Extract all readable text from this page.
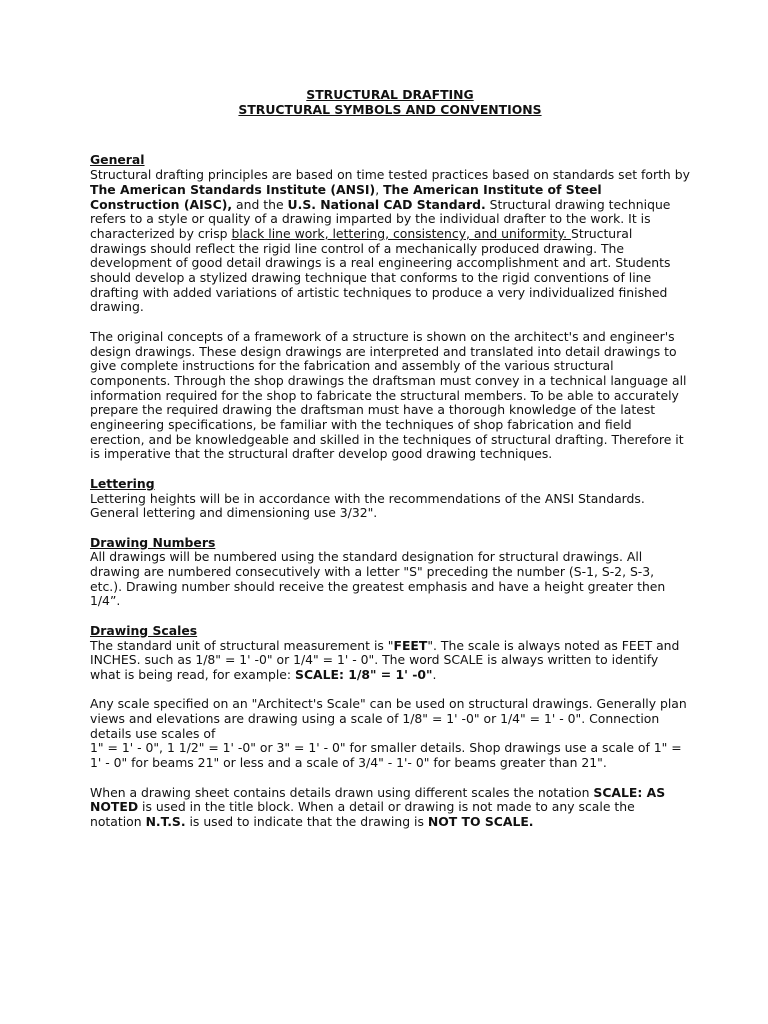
STRUCTURAL DRAFTING
STRUCTURAL SYMBOLS AND CONVENTIONS
General

Structural drafting principles are based on time tested practices based on standards set forth by The American Standards Institute (ANSI), The American Institute of Steel Construction (AISC), and the U.S. National CAD Standard. Structural drawing technique refers to a style or quality of a drawing imparted by the individual drafter to the work. It is characterized by crisp black line work, lettering, consistency, and uniformity. Structural drawings should reflect the rigid line control of a mechanically produced drawing. The development of good detail drawings is a real engineering accomplishment and art. Students should develop a stylized drawing technique that conforms to the rigid conventions of line drafting with added variations of artistic techniques to produce a very individualized finished drawing.

The original concepts of a framework of a structure is shown on the architect's and engineer's design drawings. These design drawings are interpreted and translated into detail drawings to give complete instructions for the fabrication and assembly of the various structural components. Through the shop drawings the draftsman must convey in a technical language all information required for the shop to fabricate the structural members. To be able to accurately prepare the required drawing the draftsman must have a thorough knowledge of the latest engineering specifications, be familiar with the techniques of shop fabrication and field erection, and be knowledgeable and skilled in the techniques of structural drafting. Therefore it is imperative that the structural drafter develop good drawing techniques.

Lettering

Lettering heights will be in accordance with the recommendations of the ANSI Standards. General lettering and dimensioning use 3/32".

Drawing Numbers

All drawings will be numbered using the standard designation for structural drawings. All drawing are numbered consecutively with a letter "S" preceding the number (S-1, S-2, S-3, etc.). Drawing number should receive the greatest emphasis and have a height greater then 1/4”.

Drawing Scales

The standard unit of structural measurement is "FEET". The scale is always noted as FEET and INCHES. such as 1/8" = 1' -0" or 1/4" = 1' - 0". The word SCALE is always written to identify what is being read, for example: SCALE: 1/8" = 1' -0".

Any scale specified on an "Architect's Scale" can be used on structural drawings. Generally plan views and elevations are drawing using a scale of 1/8" = 1' -0" or 1/4" = 1' - 0". Connection details use scales of
1" = 1' - 0", 1 1/2" = 1' -0" or 3" = 1' - 0" for smaller details. Shop drawings use a scale of 1" = 1' - 0" for beams 21" or less and a scale of 3/4" - 1'- 0" for beams greater than 21".

When a drawing sheet contains details drawn using different scales the notation SCALE: AS NOTED is used in the title block. When a detail or drawing is not made to any scale the notation N.T.S. is used to indicate that the drawing is NOT TO SCALE.
